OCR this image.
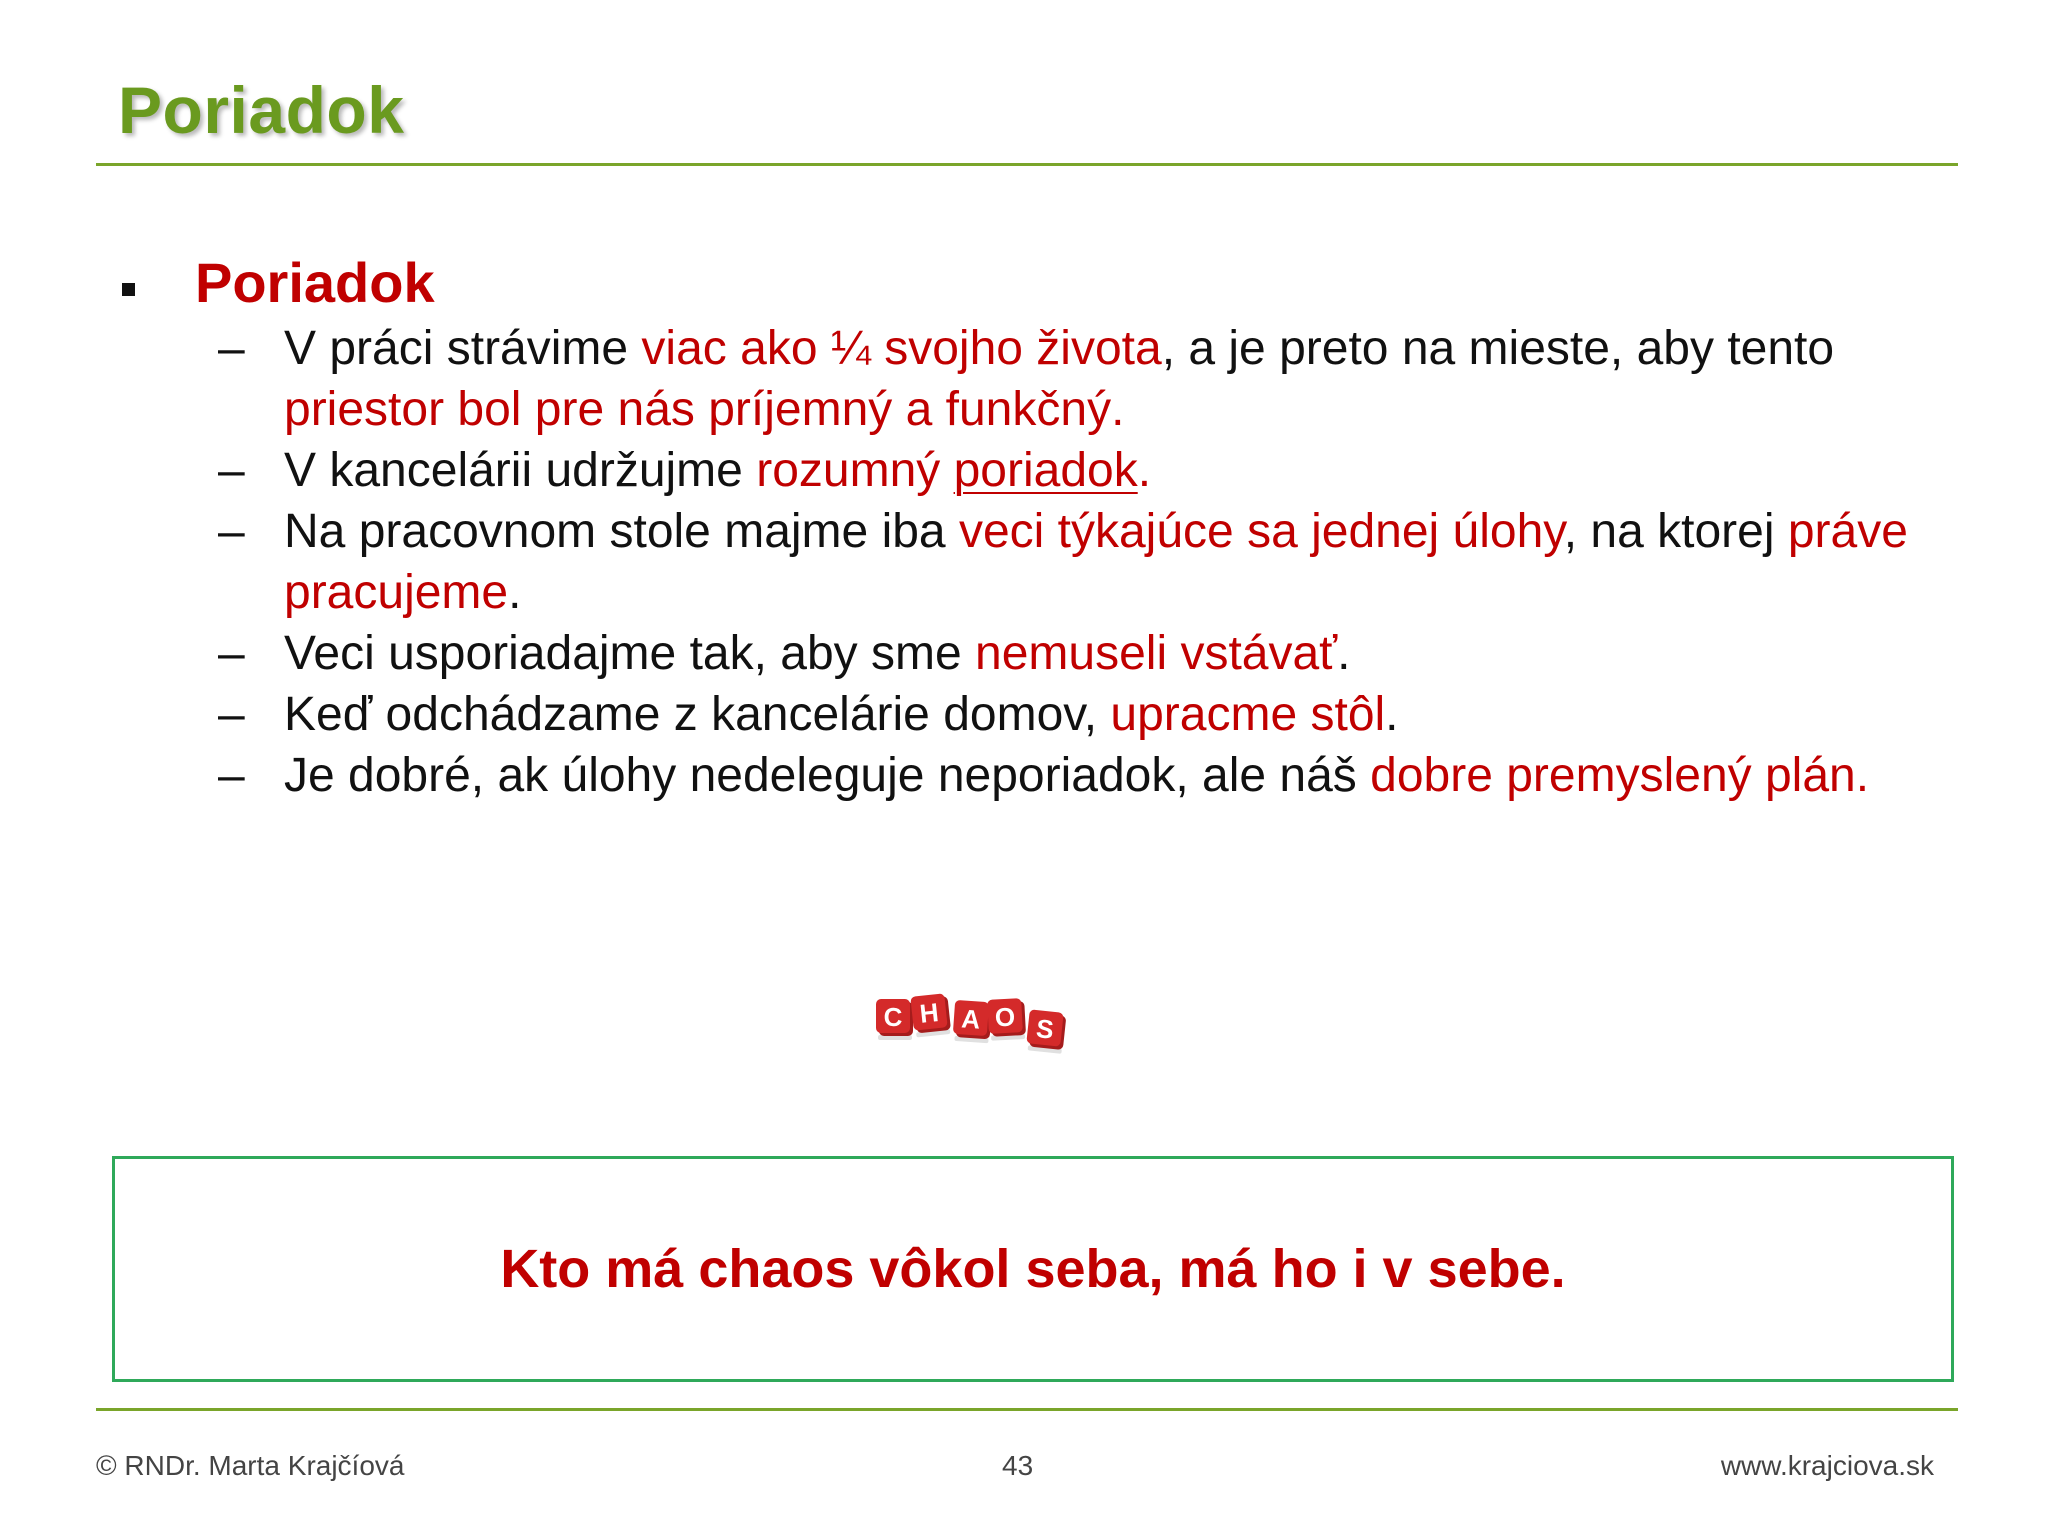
Poriadok
Poriadok
– V práci strávime viac ako ¼ svojho života, a je preto na mieste, aby tento priestor bol pre nás príjemný a funkčný.
– V kancelárii udržujme rozumný poriadok.
– Na pracovnom stole majme iba veci týkajúce sa jednej úlohy, na ktorej práve pracujeme.
– Veci usporiadajme tak, aby sme nemuseli vstávať.
– Keď odchádzame z kancelárie domov, upracme stôl.
– Je dobré, ak úlohy nedeleguje neporiadok, ale náš dobre premyslený plán.
C H A O S
Kto má chaos vôkol seba, má ho i v sebe.
© RNDr. Marta Krajčíová	43	www.krajciova.sk
